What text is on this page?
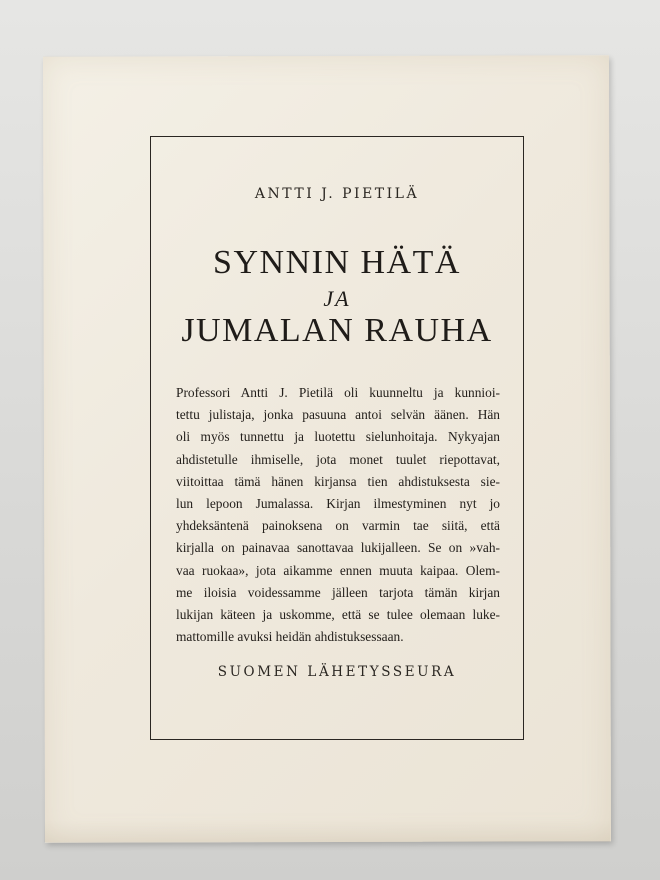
ANTTI J. PIETILÄ
SYNNIN HÄTÄ
JA
JUMALAN RAUHA
Professori Antti J. Pietilä oli kuunneltu ja kunnioi-
tettu julistaja, jonka pasuuna antoi selvän äänen. Hän
oli myös tunnettu ja luotettu sielunhoitaja. Nykyajan
ahdistetulle ihmiselle, jota monet tuulet riepottavat,
viitoittaa tämä hänen kirjansa tien ahdistuksesta sie-
lun lepoon Jumalassa. Kirjan ilmestyminen nyt jo
yhdeksäntenä painoksena on varmin tae siitä, että
kirjalla on painavaa sanottavaa lukijalleen. Se on »vah-
vaa ruokaa», jota aikamme ennen muuta kaipaa. Olem-
me iloisia voidessamme jälleen tarjota tämän kirjan
lukijan käteen ja uskomme, että se tulee olemaan luke-
mattomille avuksi heidän ahdistuksessaan.
SUOMEN LÄHETYSSEURA
